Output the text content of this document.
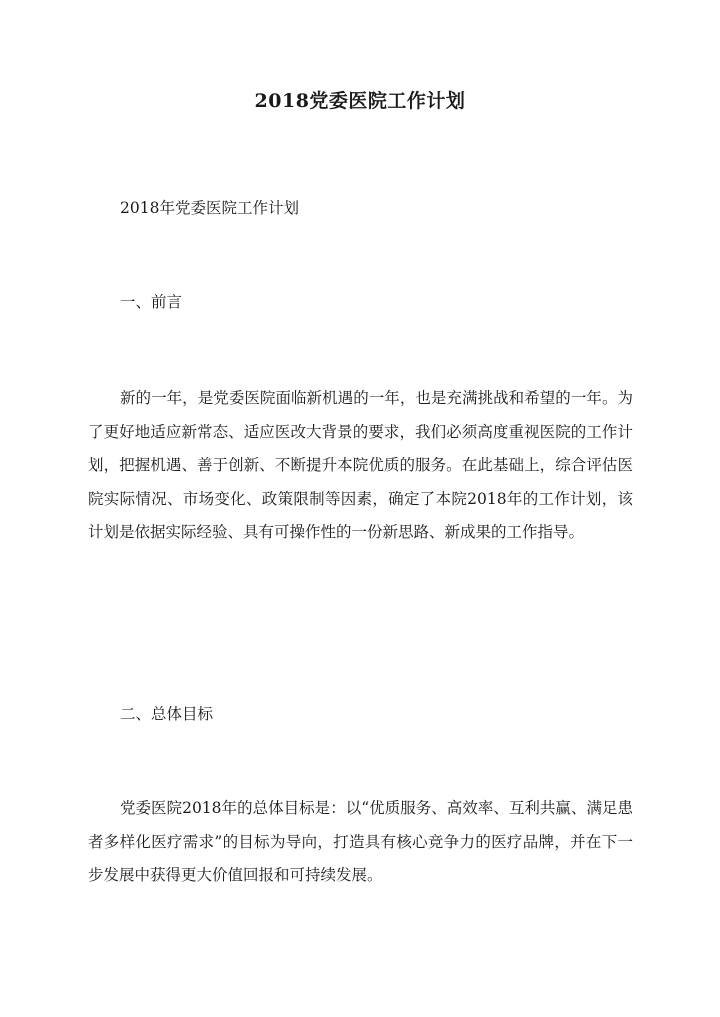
2018党委医院工作计划

2018年党委医院工作计划

一、前言

新的一年，是党委医院面临新机遇的一年，也是充满挑战和希望的一年。为了更好地适应新常态、适应医改大背景的要求，我们必须高度重视医院的工作计划，把握机遇、善于创新、不断提升本院优质的服务。在此基础上，综合评估医院实际情况、市场变化、政策限制等因素，确定了本院2018年的工作计划，该计划是依据实际经验、具有可操作性的一份新思路、新成果的工作指导。

二、总体目标

党委医院2018年的总体目标是：以“优质服务、高效率、互利共赢、满足患者多样化医疗需求”的目标为导向，打造具有核心竞争力的医疗品牌，并在下一步发展中获得更大价值回报和可持续发展。
